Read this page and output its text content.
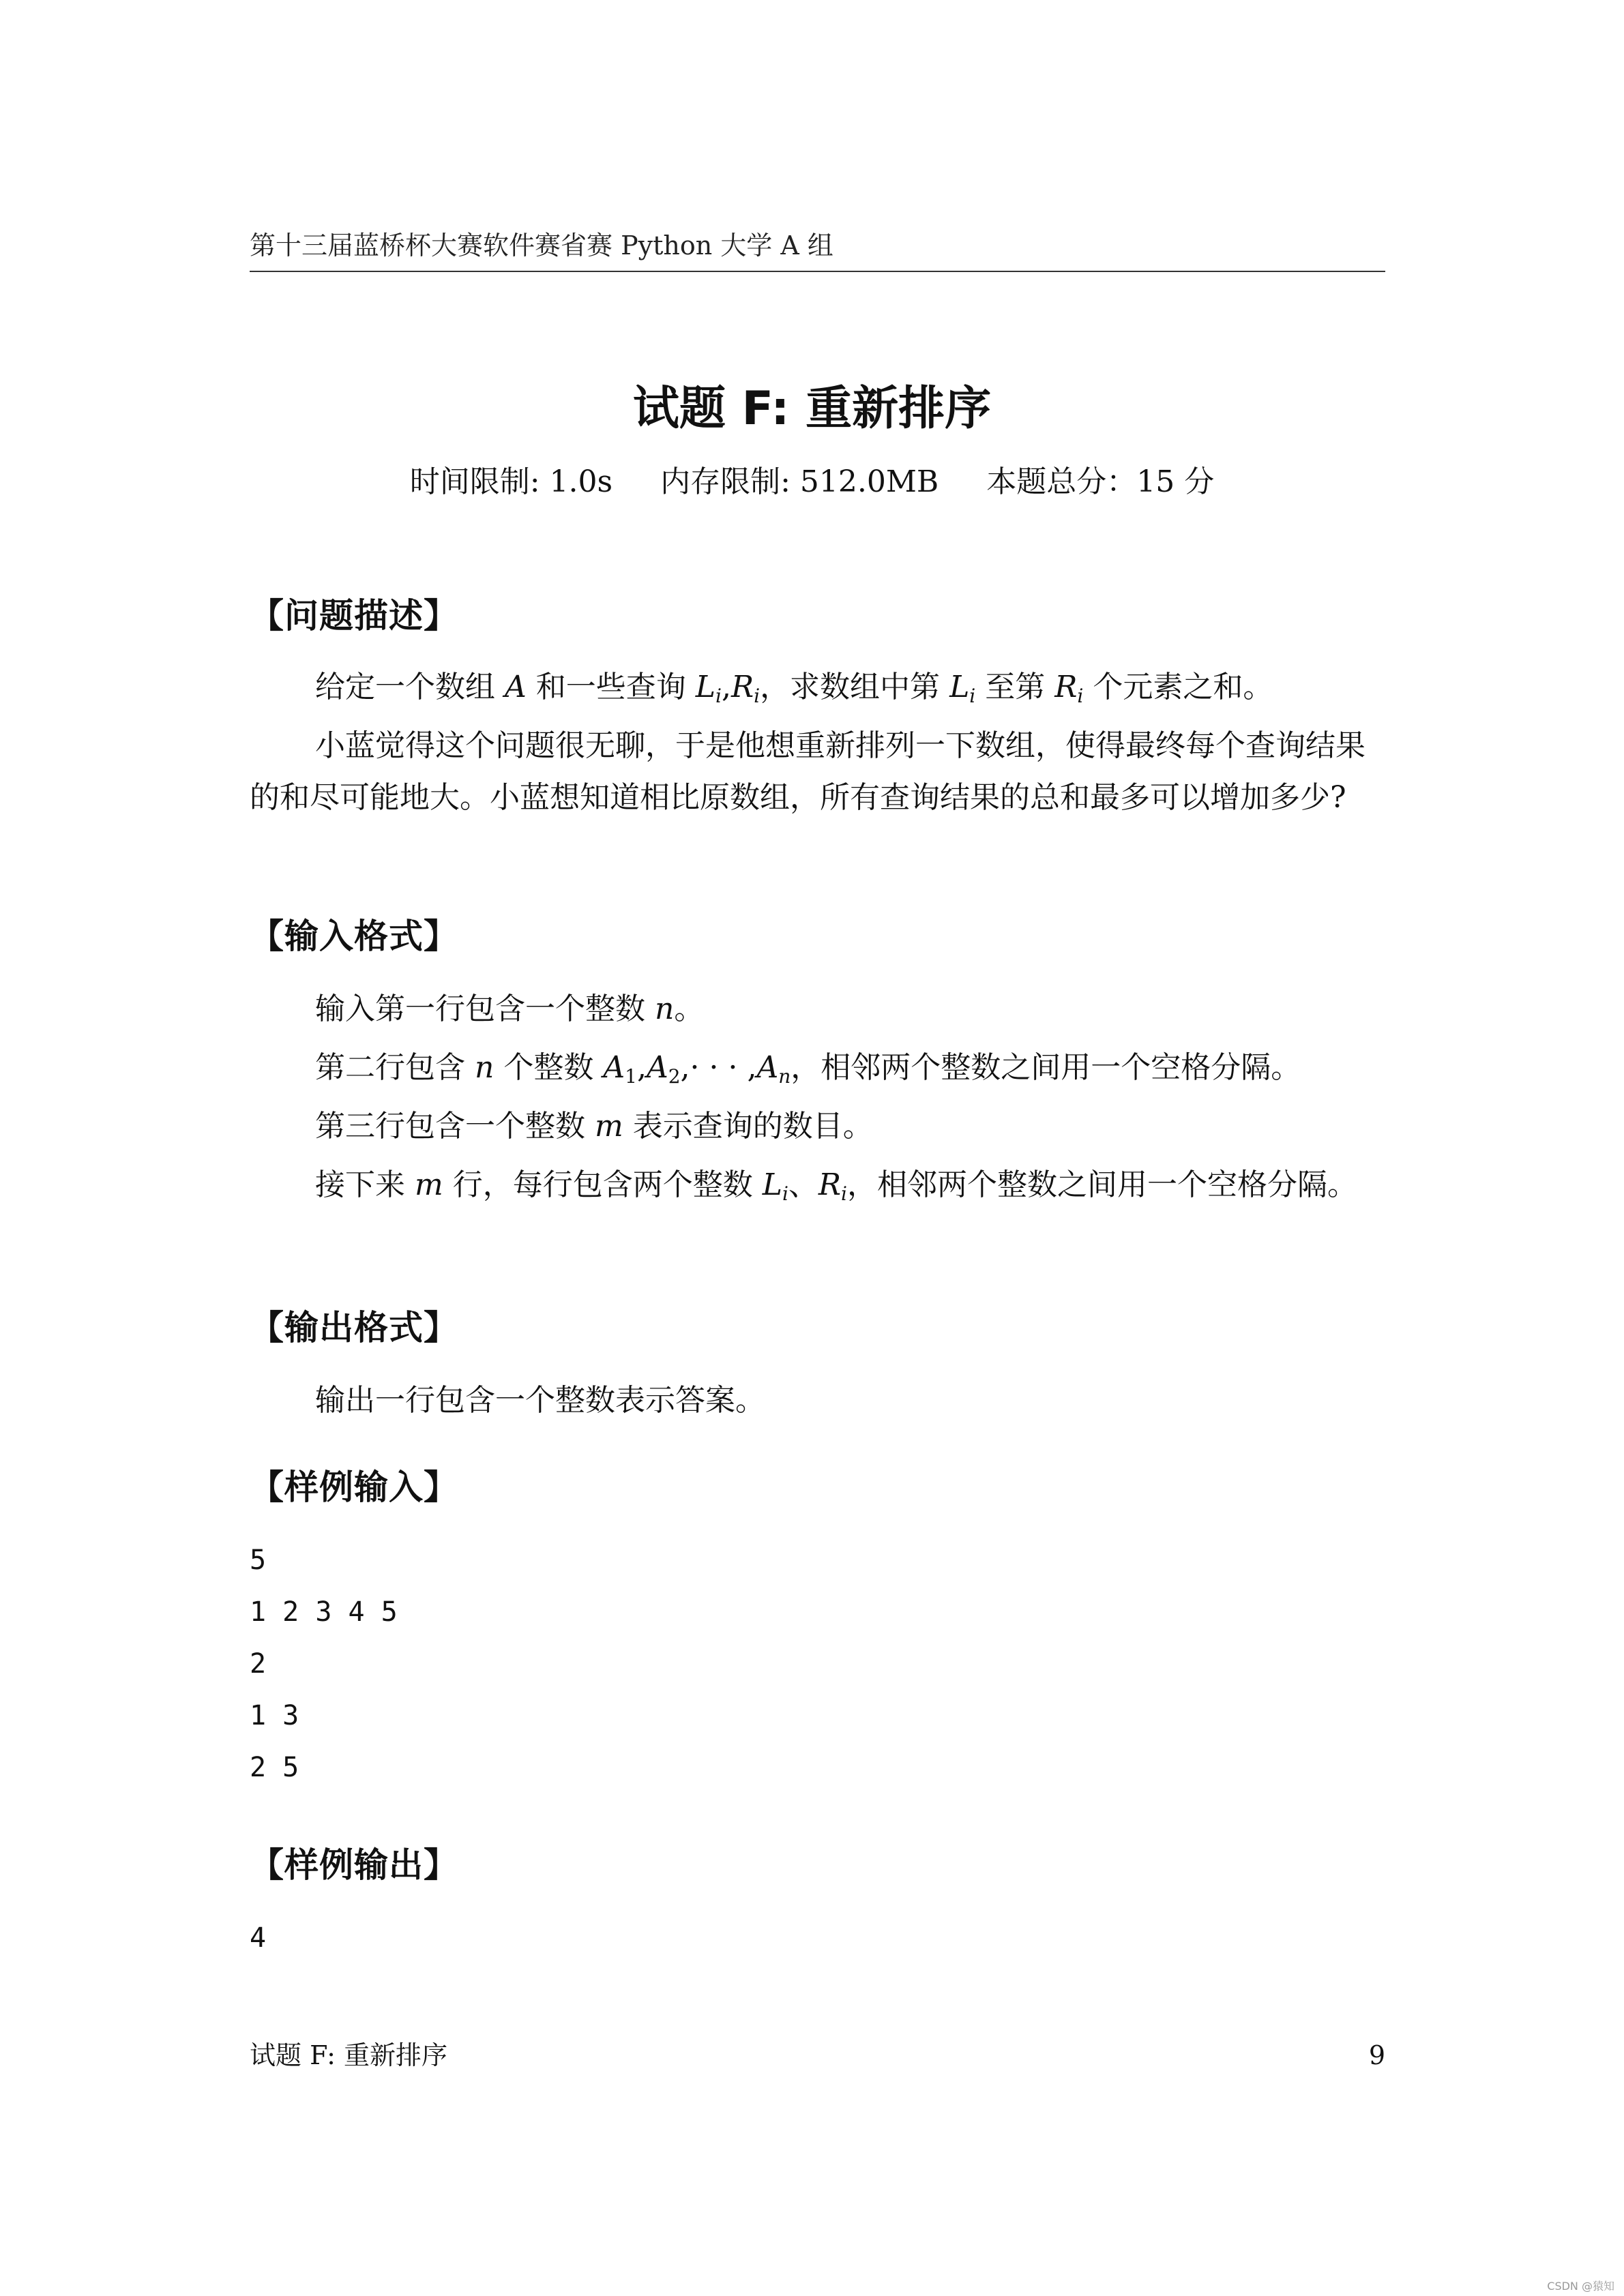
第十三届蓝桥杯大赛软件赛省赛 Python 大学 A 组
试题 F: 重新排序
时间限制: 1.0s 内存限制: 512.0MB 本题总分：15 分
【问题描述】
给定一个数组 A 和一些查询 $L_i,R_i$，求数组中第 $L_i$ 至第 $R_i$ 个元素之和。
小蓝觉得这个问题很无聊，于是他想重新排列一下数组，使得最终每个查询结果的和尽可能地大。小蓝想知道相比原数组，所有查询结果的总和最多可以增加多少?
【输入格式】
输入第一行包含一个整数 n。
第二行包含 n 个整数 $A_1,A_2,\cdot$ · · $,A_n$，相邻两个整数之间用一个空格分隔。
第三行包含一个整数 m 表示查询的数目。
接下来 m 行，每行包含两个整数 $L_i$、$R_i$，相邻两个整数之间用一个空格分隔。
【输出格式】
输出一行包含一个整数表示答案。
【样例输入】
5
1 2 3 4 5
2
1 3
2 5
【样例输出】
4
试题 F: 重新排序	9
CSDN @猿知
